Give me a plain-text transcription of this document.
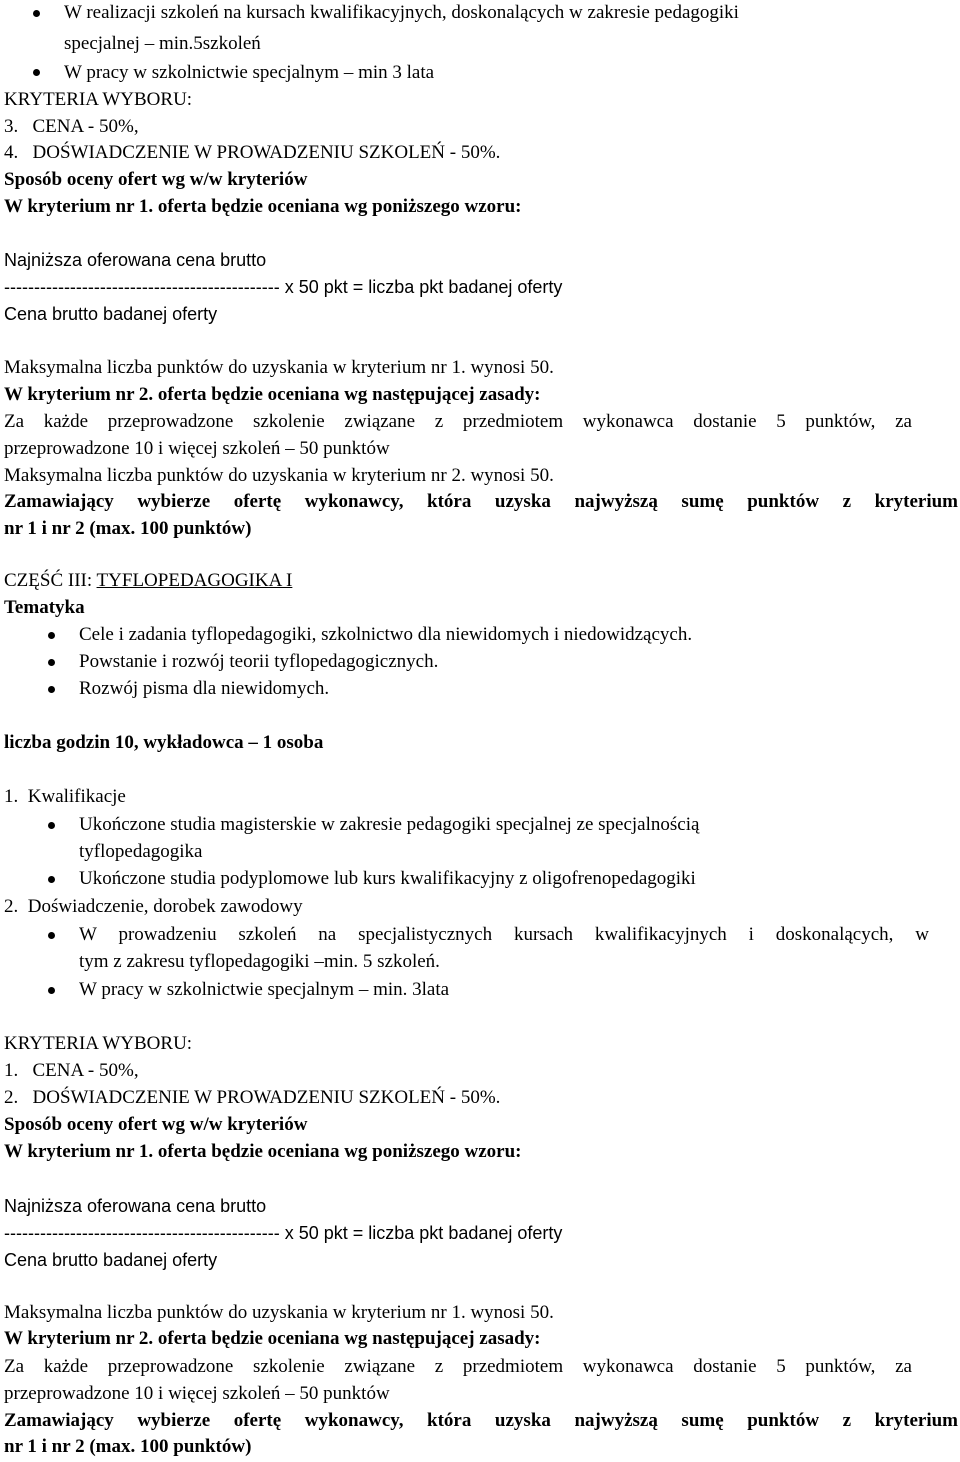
W realizacji szkoleń na kursach kwalifikacyjnych, doskonalących w zakresie pedagogiki
specjalnej – min.5szkoleń
W pracy w szkolnictwie specjalnym – min 3 lata
KRYTERIA WYBORU:
3.   CENA - 50%,
4.   DOŚWIADCZENIE W PROWADZENIU SZKOLEŃ - 50%.
Sposób oceny ofert wg w/w kryteriów
W kryterium nr 1. oferta będzie oceniana wg poniższego wzoru:
Najniższa oferowana cena brutto
---------------------------------------------- x 50 pkt = liczba pkt badanej oferty
Cena brutto badanej oferty
Maksymalna liczba punktów do uzyskania w kryterium nr 1. wynosi 50.
W kryterium nr 2. oferta będzie oceniana wg następującej zasady:
Za każde przeprowadzone szkolenie związane z przedmiotem wykonawca dostanie 5 punktów, za
przeprowadzone 10 i więcej szkoleń – 50 punktów
Maksymalna liczba punktów do uzyskania w kryterium nr 2. wynosi 50.
Zamawiający wybierze ofertę wykonawcy, która uzyska najwyższą sumę punktów z kryterium
nr 1 i nr 2 (max. 100 punktów)
CZĘŚĆ III: TYFLOPEDAGOGIKA I
Tematyka
Cele i zadania tyflopedagogiki, szkolnictwo dla niewidomych i niedowidzących.
Powstanie i rozwój teorii tyflopedagogicznych.
Rozwój pisma dla niewidomych.
liczba godzin 10, wykładowca – 1 osoba
1.  Kwalifikacje
Ukończone studia magisterskie w zakresie pedagogiki specjalnej ze specjalnością
tyflopedagogika
Ukończone studia podyplomowe lub kurs kwalifikacyjny z oligofrenopedagogiki
2.  Doświadczenie, dorobek zawodowy
W prowadzeniu szkoleń na specjalistycznych kursach kwalifikacyjnych i doskonalących, w
tym z zakresu tyflopedagogiki –min. 5 szkoleń.
W pracy w szkolnictwie specjalnym – min. 3lata
KRYTERIA WYBORU:
1.   CENA - 50%,
2.   DOŚWIADCZENIE W PROWADZENIU SZKOLEŃ - 50%.
Sposób oceny ofert wg w/w kryteriów
W kryterium nr 1. oferta będzie oceniana wg poniższego wzoru:
Najniższa oferowana cena brutto
---------------------------------------------- x 50 pkt = liczba pkt badanej oferty
Cena brutto badanej oferty
Maksymalna liczba punktów do uzyskania w kryterium nr 1. wynosi 50.
W kryterium nr 2. oferta będzie oceniana wg następującej zasady:
Za każde przeprowadzone szkolenie związane z przedmiotem wykonawca dostanie 5 punktów, za
przeprowadzone 10 i więcej szkoleń – 50 punktów
Zamawiający wybierze ofertę wykonawcy, która uzyska najwyższą sumę punktów z kryterium
nr 1 i nr 2 (max. 100 punktów)
